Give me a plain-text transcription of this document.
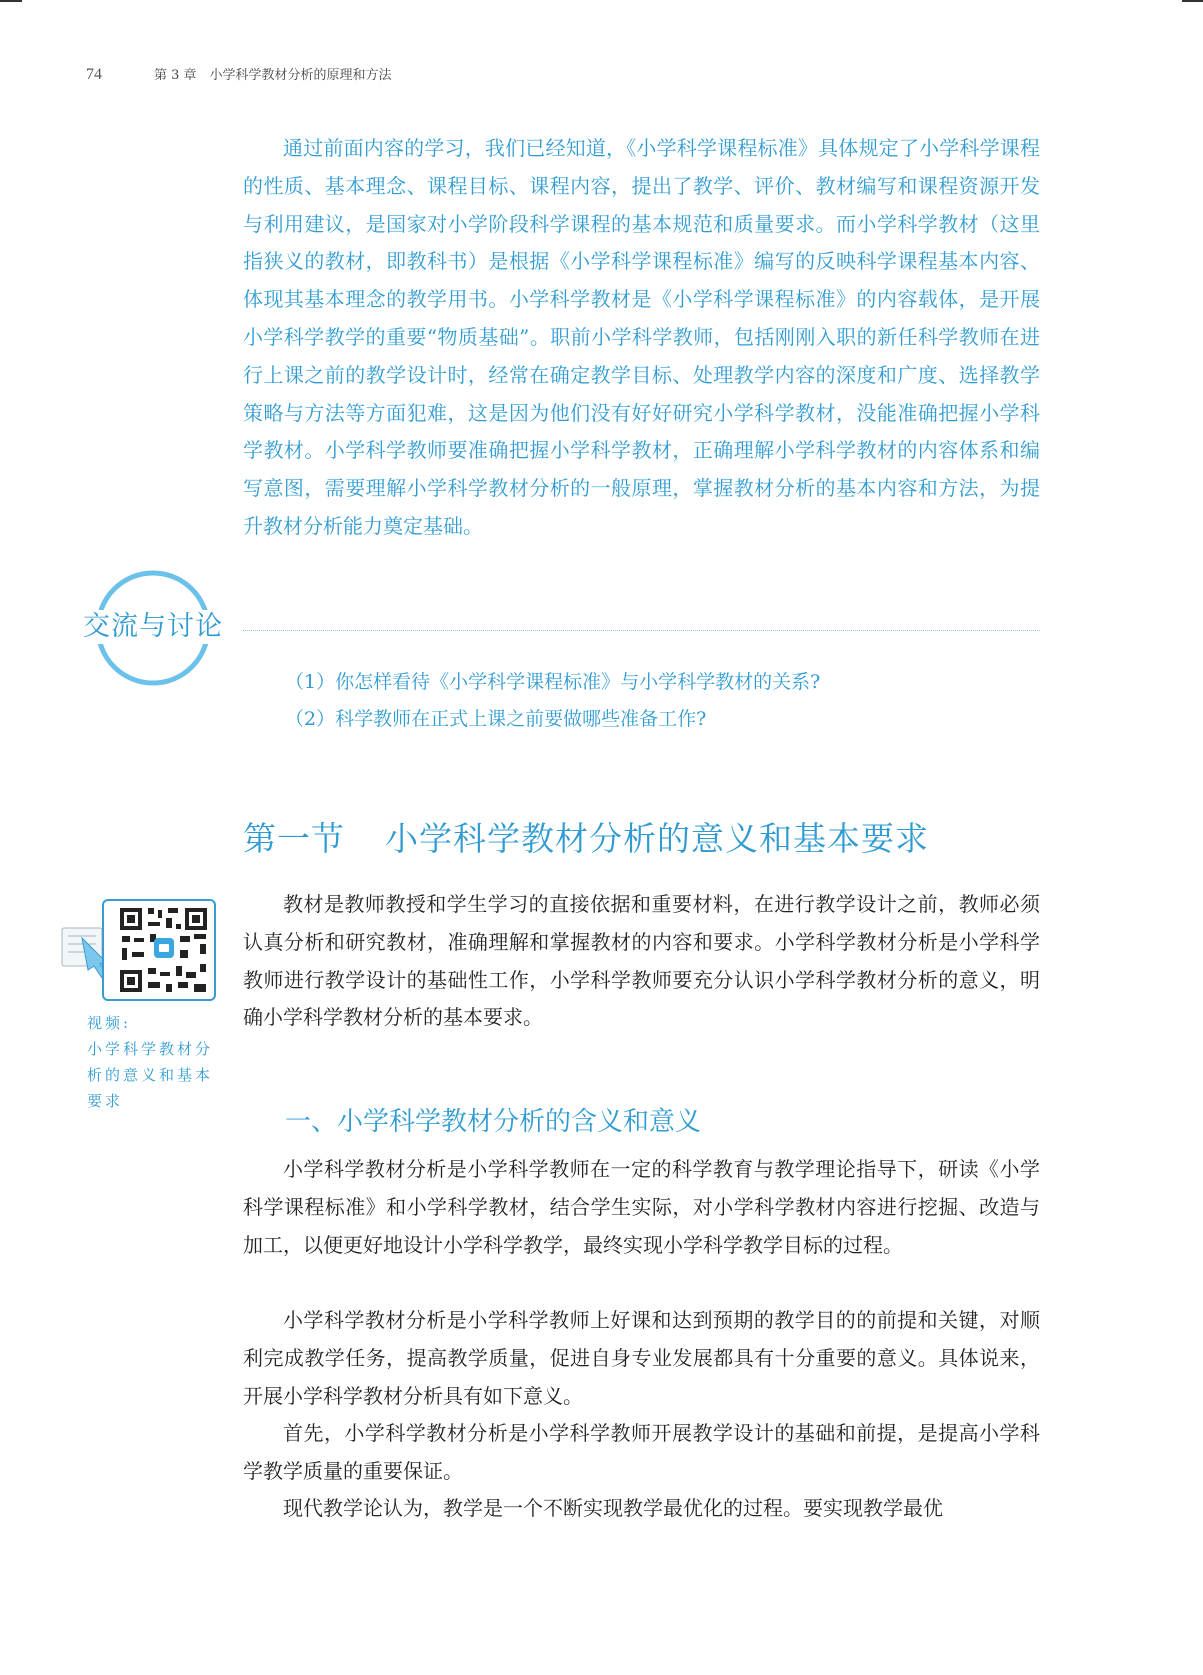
74	第 3 章　小学科学教材分析的原理和方法

通过前面内容的学习，我们已经知道，《小学科学课程标准》具体规定了小学科学课程的性质、基本理念、课程目标、课程内容，提出了教学、评价、教材编写和课程资源开发与利用建议，是国家对小学阶段科学课程的基本规范和质量要求。而小学科学教材（这里指狭义的教材，即教科书）是根据《小学科学课程标准》编写的反映科学课程基本内容、体现其基本理念的教学用书。小学科学教材是《小学科学课程标准》的内容载体，是开展小学科学教学的重要“物质基础”。职前小学科学教师，包括刚刚入职的新任科学教师在进行上课之前的教学设计时，经常在确定教学目标、处理教学内容的深度和广度、选择教学策略与方法等方面犯难，这是因为他们没有好好研究小学科学教材，没能准确把握小学科学教材。小学科学教师要准确把握小学科学教材，正确理解小学科学教材的内容体系和编写意图，需要理解小学科学教材分析的一般原理，掌握教材分析的基本内容和方法，为提升教材分析能力奠定基础。

交流与讨论
（1）你怎样看待《小学科学课程标准》与小学科学教材的关系?
（2）科学教师在正式上课之前要做哪些准备工作?
第一节 小学科学教材分析的意义和基本要求
视频:
小学科学教材分析的意义和基本要求

教材是教师教授和学生学习的直接依据和重要材料，在进行教学设计之前，教师必须认真分析和研究教材，准确理解和掌握教材的内容和要求。小学科学教材分析是小学科学教师进行教学设计的基础性工作，小学科学教师要充分认识小学科学教材分析的意义，明确小学科学教材分析的基本要求。

一、小学科学教材分析的含义和意义

小学科学教材分析是小学科学教师在一定的科学教育与教学理论指导下，研读《小学科学课程标准》和小学科学教材，结合学生实际，对小学科学教材内容进行挖掘、改造与加工，以便更好地设计小学科学教学，最终实现小学科学教学目标的过程。

小学科学教材分析是小学科学教师上好课和达到预期的教学目的的前提和关键，对顺利完成教学任务，提高教学质量，促进自身专业发展都具有十分重要的意义。具体说来，开展小学科学教材分析具有如下意义。

首先，小学科学教材分析是小学科学教师开展教学设计的基础和前提，是提高小学科学教学质量的重要保证。

现代教学论认为，教学是一个不断实现教学最优化的过程。要实现教学最优
